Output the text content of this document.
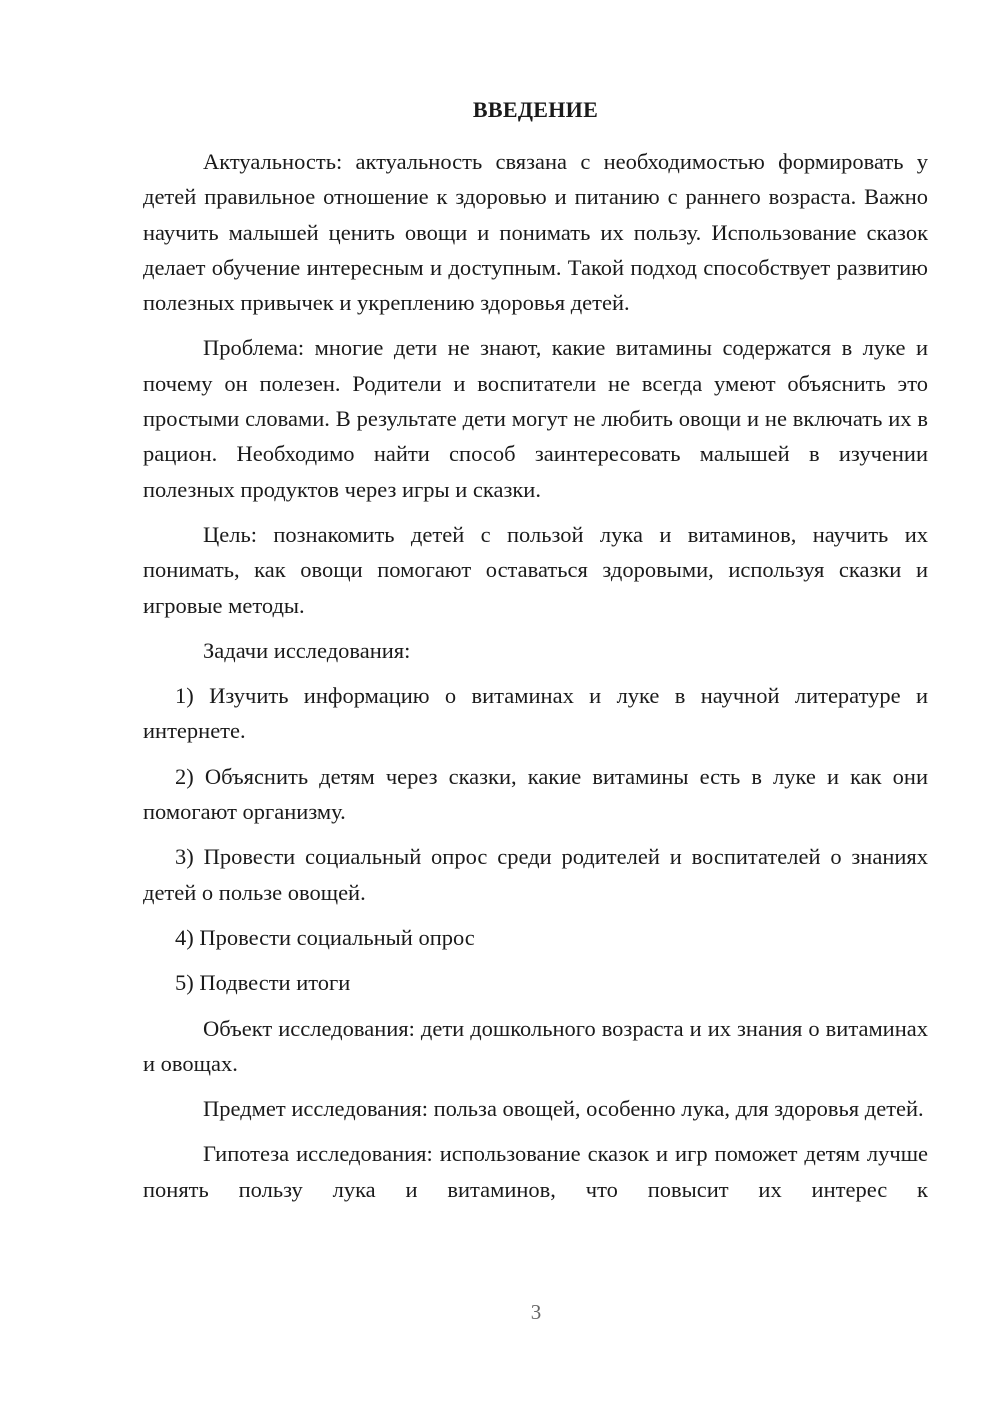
ВВЕДЕНИЕ

Актуальность: актуальность связана с необходимостью формировать у детей правильное отношение к здоровью и питанию с раннего возраста. Важно научить малышей ценить овощи и понимать их пользу. Использование сказок делает обучение интересным и доступным. Такой подход способствует развитию полезных привычек и укреплению здоровья детей.

Проблема: многие дети не знают, какие витамины содержатся в луке и почему он полезен. Родители и воспитатели не всегда умеют объяснить это простыми словами. В результате дети могут не любить овощи и не включать их в рацион. Необходимо найти способ заинтересовать малышей в изучении полезных продуктов через игры и сказки.

Цель: познакомить детей с пользой лука и витаминов, научить их понимать, как овощи помогают оставаться здоровыми, используя сказки и игровые методы.

Задачи исследования:

1) Изучить информацию о витаминах и луке в научной литературе и интернете.

2) Объяснить детям через сказки, какие витамины есть в луке и как они помогают организму.

3) Провести социальный опрос среди родителей и воспитателей о знаниях детей о пользе овощей.

4) Провести социальный опрос

5) Подвести итоги

Объект исследования: дети дошкольного возраста и их знания о витаминах и овощах.

Предмет исследования: польза овощей, особенно лука, для здоровья детей.

Гипотеза исследования: использование сказок и игр поможет детям лучше понять пользу лука и витаминов, что повысит их интерес к

3
